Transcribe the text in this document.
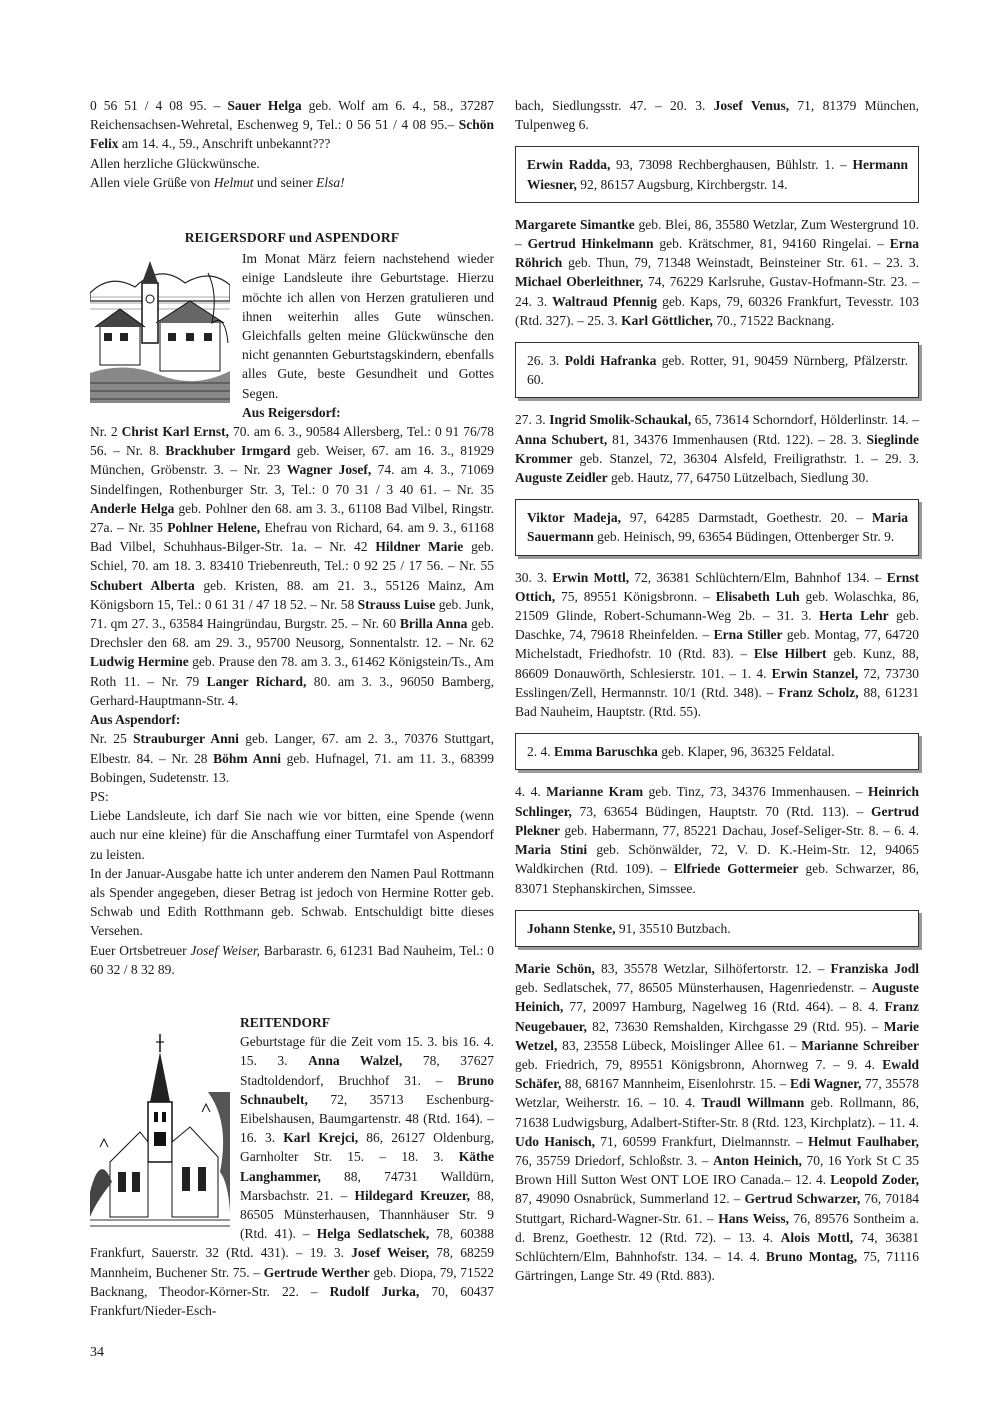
0 56 51 / 4 08 95. – Sauer Helga geb. Wolf am 6. 4., 58., 37287 Reichensachsen-Wehretal, Eschenweg 9, Tel.: 0 56 51 / 4 08 95.– Schön Felix am 14. 4., 59., Anschrift unbekannt???

Allen herzliche Glückwünsche.

Allen viele Grüße von Helmut und seiner Elsa!

REIGERSDORF und ASPENDORF

Im Monat März feiern nachstehend wieder einige Landsleute ihre Geburtstage. Hierzu möchte ich allen von Herzen gratulieren und ihnen weiterhin alles Gute wünschen. Gleichfalls gelten meine Glückwünsche den nicht genannten Geburtstagskindern, ebenfalls alles Gute, beste Gesundheit und Gottes Segen.

Aus Reigersdorf:

Nr. 2 Christ Karl Ernst, 70. am 6. 3., 90584 Allersberg, Tel.: 0 91 76/78 56. – Nr. 8. Brackhuber Irmgard geb. Weiser, 67. am 16. 3., 81929 München, Gröbenstr. 3. – Nr. 23 Wagner Josef, 74. am 4. 3., 71069 Sindelfingen, Rothenburger Str. 3, Tel.: 0 70 31 / 3 40 61. – Nr. 35 Anderle Helga geb. Pohlner den 68. am 3. 3., 61108 Bad Vilbel, Ringstr. 27a. – Nr. 35 Pohlner Helene, Ehefrau von Richard, 64. am 9. 3., 61168 Bad Vilbel, Schuhhaus-Bilger-Str. 1a. – Nr. 42 Hildner Marie geb. Schiel, 70. am 18. 3. 83410 Triebenreuth, Tel.: 0 92 25 / 17 56. – Nr. 55 Schubert Alberta geb. Kristen, 88. am 21. 3., 55126 Mainz, Am Königsborn 15, Tel.: 0 61 31 / 47 18 52. – Nr. 58 Strauss Luise geb. Junk, 71. qm 27. 3., 63584 Haingründau, Burgstr. 25. – Nr. 60 Brilla Anna geb. Drechsler den 68. am 29. 3., 95700 Neusorg, Sonnentalstr. 12. – Nr. 62 Ludwig Hermine geb. Prause den 78. am 3. 3., 61462 Königstein/Ts., Am Roth 11. – Nr. 79 Langer Richard, 80. am 3. 3., 96050 Bamberg, Gerhard-Hauptmann-Str. 4.

Aus Aspendorf:

Nr. 25 Strauburger Anni geb. Langer, 67. am 2. 3., 70376 Stuttgart, Elbestr. 84. – Nr. 28 Böhm Anni geb. Hufnagel, 71. am 11. 3., 68399 Bobingen, Sudetenstr. 13.

PS:

Liebe Landsleute, ich darf Sie nach wie vor bitten, eine Spende (wenn auch nur eine kleine) für die Anschaffung einer Turmtafel von Aspendorf zu leisten.

In der Januar-Ausgabe hatte ich unter anderem den Namen Paul Rottmann als Spender angegeben, dieser Betrag ist jedoch von Hermine Rotter geb. Schwab und Edith Rotthmann geb. Schwab. Entschuldigt bitte dieses Versehen.

Euer Ortsbetreuer Josef Weiser, Barbarastr. 6, 61231 Bad Nauheim, Tel.: 0 60 32 / 8 32 89.

REITENDORF

Geburtstage für die Zeit vom 15. 3. bis 16. 4. 15. 3. Anna Walzel, 78, 37627 Stadtoldendorf, Bruchhof 31. – Bruno Schnaubelt, 72, 35713 Eschenburg-Eibelshausen, Baumgartenstr. 48 (Rtd. 164). – 16. 3. Karl Krejci, 86, 26127 Oldenburg, Garnholter Str. 15. – 18. 3. Käthe Langhammer, 88, 74731 Walldürn, Marsbachstr. 21. – Hildegard Kreuzer, 88, 86505 Münsterhausen, Thannhäuser Str. 9 (Rtd. 41). – Helga Sedlatschek, 78, 60388 Frankfurt, Sauerstr. 32 (Rtd. 431). – 19. 3. Josef Weiser, 78, 68259 Mannheim, Buchener Str. 75. – Gertrude Werther geb. Diopa, 79, 71522 Backnang, Theodor-Körner-Str. 22. – Rudolf Jurka, 70, 60437 Frankfurt/Nieder-Esch-

bach, Siedlungsstr. 47. – 20. 3. Josef Venus, 71, 81379 München, Tulpenweg 6.

Erwin Radda, 93, 73098 Rechberghausen, Bühlstr. 1. – Hermann Wiesner, 92, 86157 Augsburg, Kirchbergstr. 14.

Margarete Simantke geb. Blei, 86, 35580 Wetzlar, Zum Westergrund 10. – Gertrud Hinkelmann geb. Krätschmer, 81, 94160 Ringelai. – Erna Röhrich geb. Thun, 79, 71348 Weinstadt, Beinsteiner Str. 61. – 23. 3. Michael Oberleithner, 74, 76229 Karlsruhe, Gustav-Hofmann-Str. 23. – 24. 3. Waltraud Pfennig geb. Kaps, 79, 60326 Frankfurt, Tevesstr. 103 (Rtd. 327). – 25. 3. Karl Göttlicher, 70., 71522 Backnang.

26. 3. Poldi Hafranka geb. Rotter, 91, 90459 Nürnberg, Pfälzerstr. 60.

27. 3. Ingrid Smolik-Schaukal, 65, 73614 Schorndorf, Hölderlinstr. 14. – Anna Schubert, 81, 34376 Immenhausen (Rtd. 122). – 28. 3. Sieglinde Krommer geb. Stanzel, 72, 36304 Alsfeld, Freiligrathstr. 1. – 29. 3. Auguste Zeidler geb. Hautz, 77, 64750 Lützelbach, Siedlung 30.

Viktor Madeja, 97, 64285 Darmstadt, Goethestr. 20. – Maria Sauermann geb. Heinisch, 99, 63654 Büdingen, Ottenberger Str. 9.

30. 3. Erwin Mottl, 72, 36381 Schlüchtern/Elm, Bahnhof 134. – Ernst Ottich, 75, 89551 Königsbronn. – Elisabeth Luh geb. Wolaschka, 86, 21509 Glinde, Robert-Schumann-Weg 2b. – 31. 3. Herta Lehr geb. Daschke, 74, 79618 Rheinfelden. – Erna Stiller geb. Montag, 77, 64720 Michelstadt, Friedhofstr. 10 (Rtd. 83). – Else Hilbert geb. Kunz, 88, 86609 Donauwörth, Schlesierstr. 101. – 1. 4. Erwin Stanzel, 72, 73730 Esslingen/Zell, Hermannstr. 10/1 (Rtd. 348). – Franz Scholz, 88, 61231 Bad Nauheim, Hauptstr. (Rtd. 55).

2. 4. Emma Baruschka geb. Klaper, 96, 36325 Feldatal.

4. 4. Marianne Kram geb. Tinz, 73, 34376 Immenhausen. – Heinrich Schlinger, 73, 63654 Büdingen, Hauptstr. 70 (Rtd. 113). – Gertrud Plekner geb. Habermann, 77, 85221 Dachau, Josef-Seliger-Str. 8. – 6. 4. Maria Stini geb. Schönwälder, 72, V. D. K.-Heim-Str. 12, 94065 Waldkirchen (Rtd. 109). – Elfriede Gottermeier geb. Schwarzer, 86, 83071 Stephanskirchen, Simssee.

Johann Stenke, 91, 35510 Butzbach.

Marie Schön, 83, 35578 Wetzlar, Silhöfertorstr. 12. – Franziska Jodl geb. Sedlatschek, 77, 86505 Münsterhausen, Hagenriedenstr. – Auguste Heinich, 77, 20097 Hamburg, Nagelweg 16 (Rtd. 464). – 8. 4. Franz Neugebauer, 82, 73630 Remshalden, Kirchgasse 29 (Rtd. 95). – Marie Wetzel, 83, 23558 Lübeck, Moislinger Allee 61. – Marianne Schreiber geb. Friedrich, 79, 89551 Königsbronn, Ahornweg 7. – 9. 4. Ewald Schäfer, 88, 68167 Mannheim, Eisenlohrstr. 15. – Edi Wagner, 77, 35578 Wetzlar, Weiherstr. 16. – 10. 4. Traudl Willmann geb. Rollmann, 86, 71638 Ludwigsburg, Adalbert-Stifter-Str. 8 (Rtd. 123, Kirchplatz). – 11. 4. Udo Hanisch, 71, 60599 Frankfurt, Dielmannstr. – Helmut Faulhaber, 76, 35759 Driedorf, Schloßstr. 3. – Anton Heinich, 70, 16 York St C 35 Brown Hill Sutton West ONT LOE IRO Canada.– 12. 4. Leopold Zoder, 87, 49090 Osnabrück, Summerland 12. – Gertrud Schwarzer, 76, 70184 Stuttgart, Richard-Wagner-Str. 61. – Hans Weiss, 76, 89576 Sontheim a. d. Brenz, Goethestr. 12 (Rtd. 72). – 13. 4. Alois Mottl, 74, 36381 Schlüchtern/Elm, Bahnhofstr. 134. – 14. 4. Bruno Montag, 75, 71116 Gärtringen, Lange Str. 49 (Rtd. 883).

34
